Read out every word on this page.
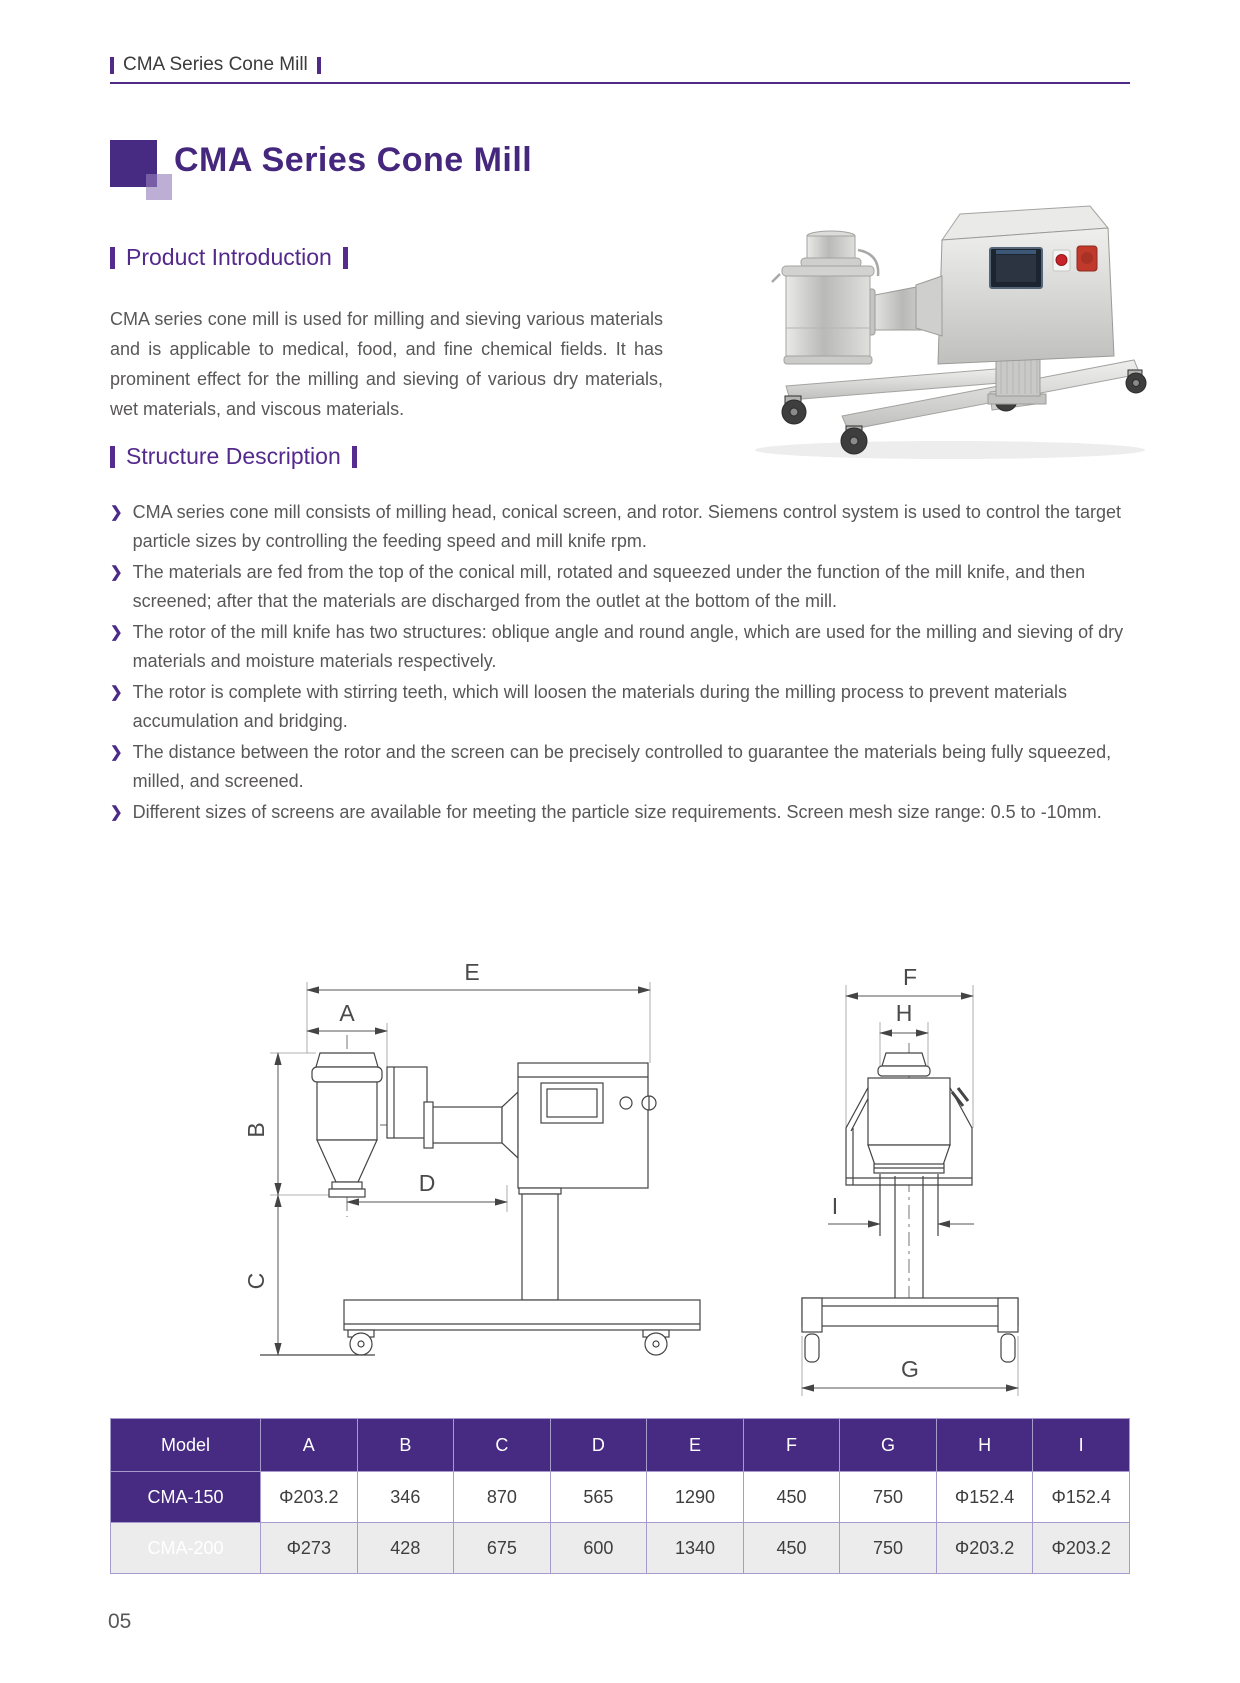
CMA Series Cone Mill
CMA Series Cone Mill
Product Introduction
CMA series cone mill is used for milling and sieving various materials and is applicable to medical, food, and fine chemical fields. It has prominent effect for the milling and sieving of various dry materials, wet materials, and viscous materials.
Structure Description
❯ CMA series cone mill consists of milling head, conical screen, and rotor. Siemens control system is used to control the target particle sizes by controlling the feeding speed and mill knife rpm.
❯ The materials are fed from the top of the conical mill, rotated and squeezed under the function of the mill knife, and then screened; after that the materials are discharged from the outlet at the bottom of the mill.
❯ The rotor of the mill knife has two structures: oblique angle and round angle, which are used for the milling and sieving of dry materials and moisture materials respectively.
❯ The rotor is complete with stirring teeth, which will loosen the materials during the milling process to prevent materials accumulation and bridging.
❯ The distance between the rotor and the screen can be precisely controlled to guarantee the materials being fully squeezed, milled, and screened.
❯ Different sizes of screens are available for meeting the particle size requirements. Screen mesh size range: 0.5 to -10mm.
E
A
B
C
D
F
H
I
G
Model	A	B	C	D	E	F	G	H	I
CMA-150	Φ203.2	346	870	565	1290	450	750	Φ152.4	Φ152.4
CMA-200	Φ273	428	675	600	1340	450	750	Φ203.2	Φ203.2
05
